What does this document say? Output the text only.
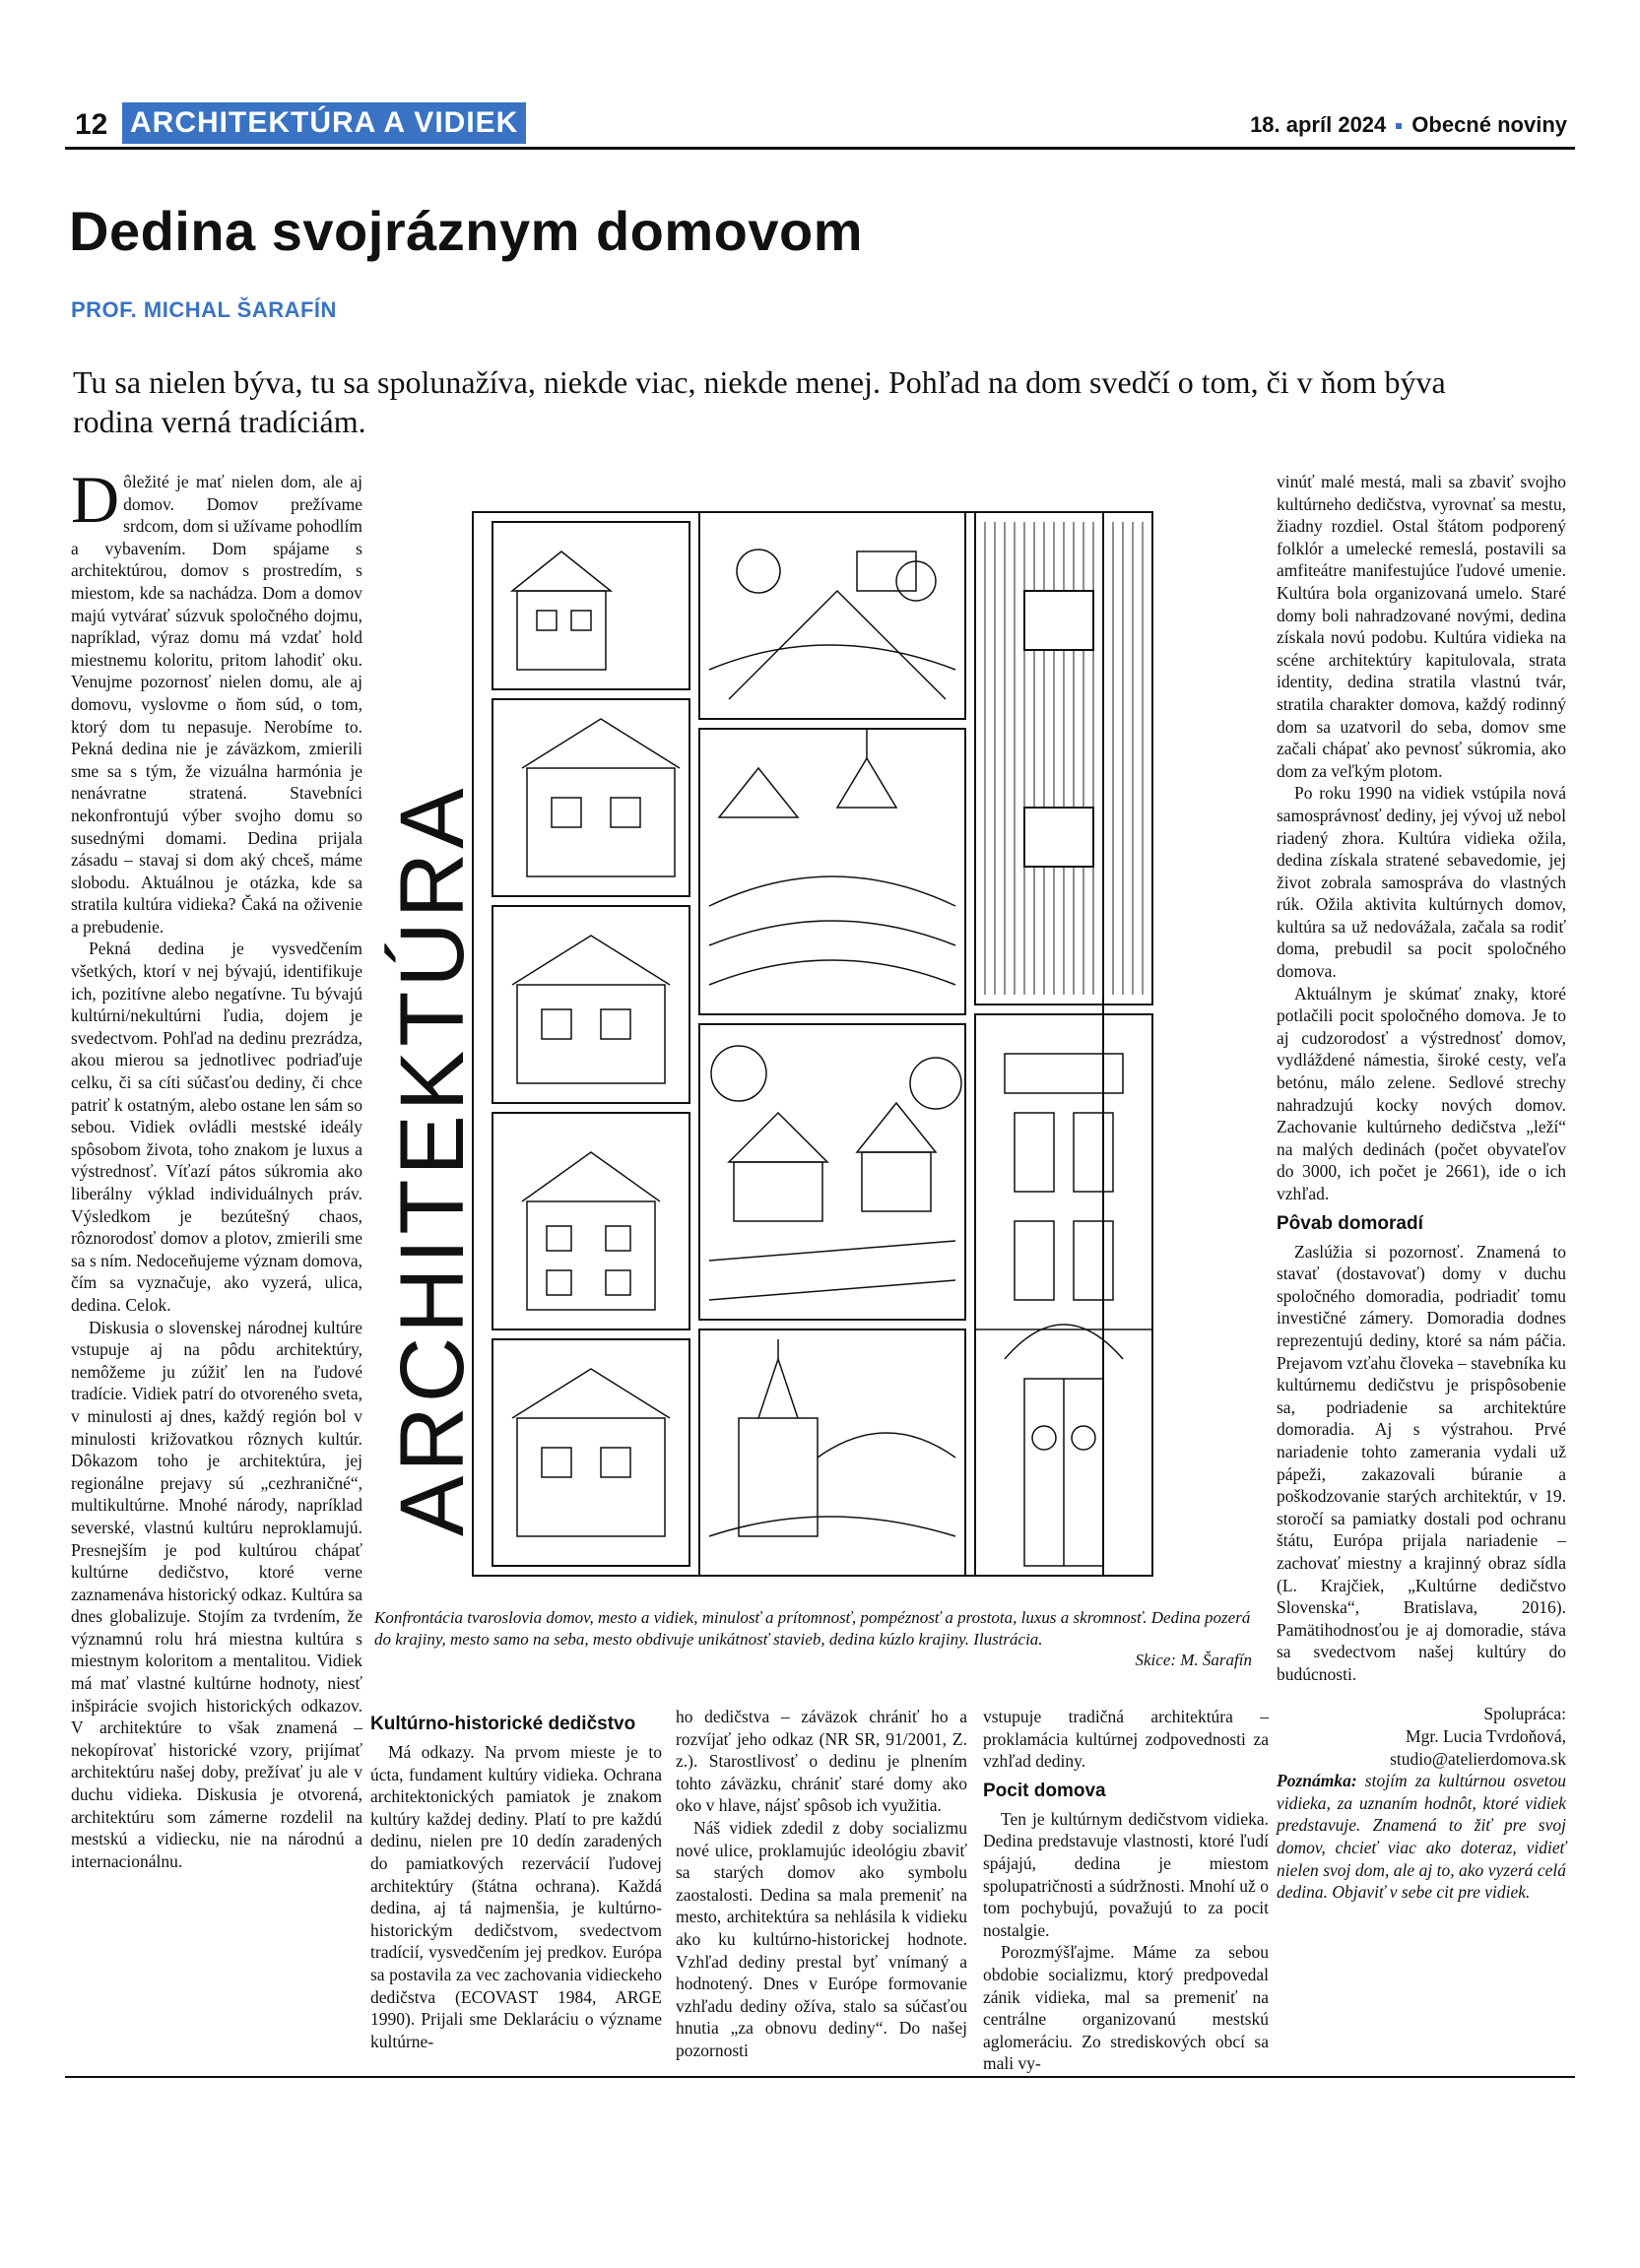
12 ARCHITEKTÚRA A VIDIEK	18. apríl 2024 Obecné noviny
Dedina svojráznym domovom
PROF. MICHAL ŠARAFÍN
Tu sa nielen býva, tu sa spolunažíva, niekde viac, niekde menej. Pohľad na dom svedčí o tom, či v ňom býva rodina verná tradíciám.

Dôležité je mať nielen dom, ale aj domov. Domov prežívame srdcom, dom si užívame pohodlím a vybavením. Dom spájame s architektúrou, domov s prostredím, s miestom, kde sa nachádza. Dom a domov majú vytvárať súzvuk spoločného dojmu, napríklad, výraz domu má vzdať hold miestnemu koloritu, pritom lahodiť oku. Venujme pozornosť nielen domu, ale aj domovu, vyslovme o ňom súd, o tom, ktorý dom tu nepasuje. Nerobíme to. Pekná dedina nie je záväzkom, zmierili sme sa s tým, že vizuálna harmónia je nenávratne stratená. Stavebníci nekonfrontujú výber svojho domu so susednými domami. Dedina prijala zásadu – stavaj si dom aký chceš, máme slobodu. Aktuálnou je otázka, kde sa stratila kultúra vidieka? Čaká na oživenie a prebudenie.

Pekná dedina je vysvedčením všetkých, ktorí v nej bývajú, identifikuje ich, pozitívne alebo negatívne. Tu bývajú kultúrni/nekultúrni ľudia, dojem je svedectvom. Pohľad na dedinu prezrádza, akou mierou sa jednotlivec podriaďuje celku, či sa cíti súčasťou dediny, či chce patriť k ostatným, alebo ostane len sám so sebou. Vidiek ovládli mestské ideály spôsobom života, toho znakom je luxus a výstrednosť. Víťazí pátos súkromia ako liberálny výklad individuálnych práv. Výsledkom je bezútešný chaos, rôznorodosť domov a plotov, zmierili sme sa s ním. Nedoceňujeme význam domova, čím sa vyznačuje, ako vyzerá, ulica, dedina. Celok.

Diskusia o slovenskej národnej kultúre vstupuje aj na pôdu architektúry, nemôžeme ju zúžiť len na ľudové tradície. Vidiek patrí do otvoreného sveta, v minulosti aj dnes, každý región bol v minulosti križovatkou rôznych kultúr. Dôkazom toho je architektúra, jej regionálne prejavy sú „cezhraničné“, multikultúrne. Mnohé národy, napríklad severské, vlastnú kultúru neproklamujú. Presnejším je pod kultúrou chápať kultúrne dedičstvo, ktoré verne zaznamenáva historický odkaz. Kultúra sa dnes globalizuje. Stojím za tvrdením, že významnú rolu hrá miestna kultúra s miestnym koloritom a mentalitou. Vidiek má mať vlastné kultúrne hodnoty, niesť inšpirácie svojich historických odkazov. V architektúre to však znamená – nekopírovať historické vzory, prijímať architektúru našej doby, prežívať ju ale v duchu vidieka. Diskusia je otvorená, architektúru som zámerne rozdelil na mestskú a vidiecku, nie na národnú a internacionálnu.

ARCHITEKTÚRA
Konfrontácia tvaroslovia domov, mesto a vidiek, minulosť a prítomnosť, pompéznosť a prostota, luxus a skromnosť. Dedina pozerá do krajiny, mesto samo na seba, mesto obdivuje unikátnosť stavieb, dedina kúzlo krajiny. Ilustrácia.
Skice: M. Šarafín
Kultúrno-historické dedičstvo

Má odkazy. Na prvom mieste je to úcta, fundament kultúry vidieka. Ochrana architektonických pamiatok je znakom kultúry každej dediny. Platí to pre každú dedinu, nielen pre 10 dedín zaradených do pamiatkových rezervácií ľudovej architektúry (štátna ochrana). Každá dedina, aj tá najmenšia, je kultúrno-historickým dedičstvom, svedectvom tradícií, vysvedčením jej predkov. Európa sa postavila za vec zachovania vidieckeho dedičstva (ECOVAST 1984, ARGE 1990). Prijali sme Deklaráciu o význame kultúrne-

ho dedičstva – záväzok chrániť ho a rozvíjať jeho odkaz (NR SR, 91/2001, Z. z.). Starostlivosť o dedinu je plnením tohto záväzku, chrániť staré domy ako oko v hlave, nájsť spôsob ich využitia.

Náš vidiek zdedil z doby socializmu nové ulice, proklamujúc ideológiu zbaviť sa starých domov ako symbolu zaostalosti. Dedina sa mala premeniť na mesto, architektúra sa nehlásila k vidieku ako ku kultúrno-historickej hodnote. Vzhľad dediny prestal byť vnímaný a hodnotený. Dnes v Európe formovanie vzhľadu dediny ožíva, stalo sa súčasťou hnutia „za obnovu dediny“. Do našej pozornosti

vstupuje tradičná architektúra – proklamácia kultúrnej zodpovednosti za vzhľad dediny.

Pocit domova

Ten je kultúrnym dedičstvom vidieka. Dedina predstavuje vlastnosti, ktoré ľudí spájajú, dedina je miestom spolupatričnosti a súdržnosti. Mnohí už o tom pochybujú, považujú to za pocit nostalgie.

Porozmýšľajme. Máme za sebou obdobie socializmu, ktorý predpovedal zánik vidieka, mal sa premeniť na centrálne organizovanú mestskú aglomeráciu. Zo strediskových obcí sa mali vy-

vinúť malé mestá, mali sa zbaviť svojho kultúrneho dedičstva, vyrovnať sa mestu, žiadny rozdiel. Ostal štátom podporený folklór a umelecké remeslá, postavili sa amfiteátre manifestujúce ľudové umenie. Kultúra bola organizovaná umelo. Staré domy boli nahradzované novými, dedina získala novú podobu. Kultúra vidieka na scéne architektúry kapitulovala, strata identity, dedina stratila vlastnú tvár, stratila charakter domova, každý rodinný dom sa uzatvoril do seba, domov sme začali chápať ako pevnosť súkromia, ako dom za veľkým plotom.

Po roku 1990 na vidiek vstúpila nová samosprávnosť dediny, jej vývoj už nebol riadený zhora. Kultúra vidieka ožila, dedina získala stratené sebavedomie, jej život zobrala samospráva do vlastných rúk. Ožila aktivita kultúrnych domov, kultúra sa už nedovážala, začala sa rodiť doma, prebudil sa pocit spoločného domova.

Aktuálnym je skúmať znaky, ktoré potlačili pocit spoločného domova. Je to aj cudzorodosť a výstrednosť domov, vydláždené námestia, široké cesty, veľa betónu, málo zelene. Sedlové strechy nahradzujú kocky nových domov. Zachovanie kultúrneho dedičstva „leží“ na malých dedinách (počet obyvateľov do 3000, ich počet je 2661), ide o ich vzhľad.

Pôvab domoradí

Zaslúžia si pozornosť. Znamená to stavať (dostavovať) domy v duchu spoločného domoradia, podriadiť tomu investičné zámery. Domoradia dodnes reprezentujú dediny, ktoré sa nám páčia. Prejavom vzťahu človeka – stavebníka ku kultúrnemu dedičstvu je prispôsobenie sa, podriadenie sa architektúre domoradia. Aj s výstrahou. Prvé nariadenie tohto zamerania vydali už pápeži, zakazovali búranie a poškodzovanie starých architektúr, v 19. storočí sa pamiatky dostali pod ochranu štátu, Európa prijala nariadenie – zachovať miestny a krajinný obraz sídla (L. Krajčiek, „Kultúrne dedičstvo Slovenska“, Bratislava, 2016). Pamätihodnosťou je aj domoradie, stáva sa svedectvom našej kultúry do budúcnosti.

Spolupráca:
Mgr. Lucia Tvrdoňová,
studio@atelierdomova.sk

Poznámka: stojím za kultúrnou osvetou vidieka, za uznaním hodnôt, ktoré vidiek predstavuje. Znamená to žiť pre svoj domov, chcieť viac ako doteraz, vidieť nielen svoj dom, ale aj to, ako vyzerá celá dedina. Objaviť v sebe cit pre vidiek.
